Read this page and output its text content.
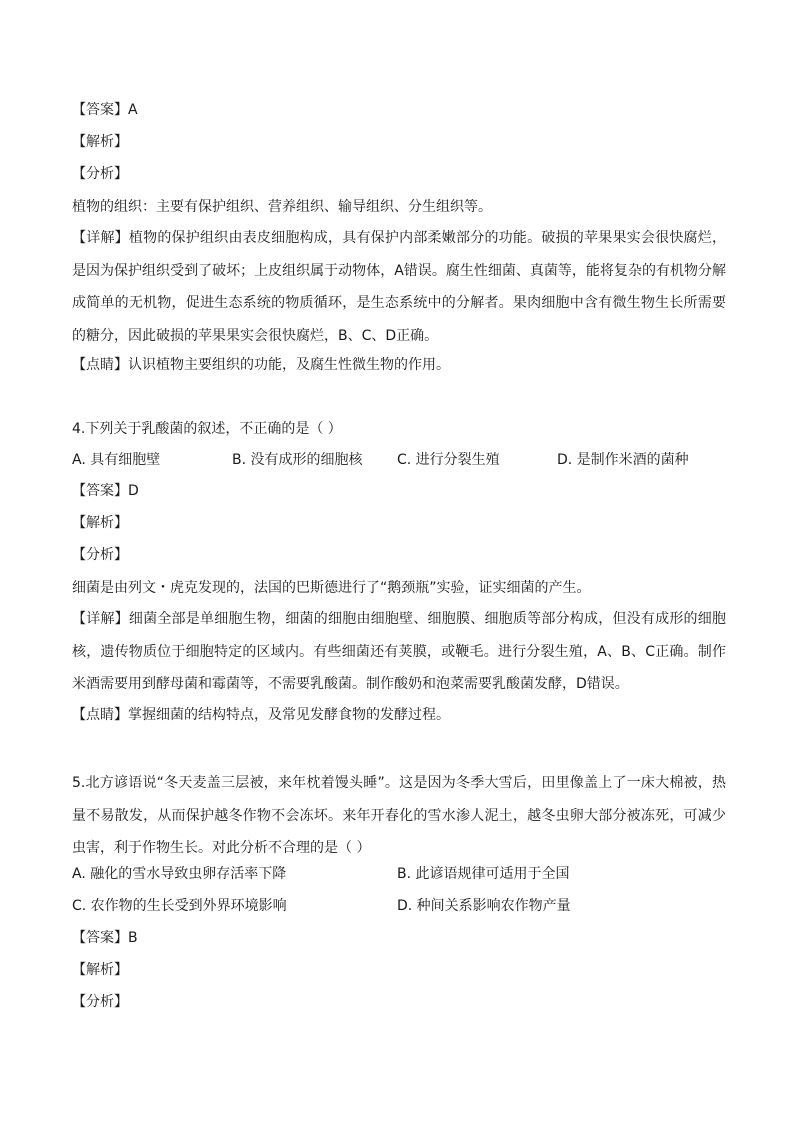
【答案】A
【解析】
【分析】
植物的组织：主要有保护组织、营养组织、输导组织、分生组织等。
【详解】植物的保护组织由表皮细胞构成，具有保护内部柔嫩部分的功能。破损的苹果果实会很快腐烂，是因为保护组织受到了破坏；上皮组织属于动物体，A错误。腐生性细菌、真菌等，能将复杂的有机物分解成简单的无机物，促进生态系统的物质循环，是生态系统中的分解者。果肉细胞中含有微生物生长所需要的糖分，因此破损的苹果果实会很快腐烂，B、C、D正确。
【点睛】认识植物主要组织的功能，及腐生性微生物的作用。
4.下列关于乳酸菌的叙述，不正确的是（ ）
A. 具有细胞壁	B. 没有成形的细胞核 C. 进行分裂生殖	D. 是制作米酒的菌种
【答案】D
【解析】
【分析】
细菌是由列文・虎克发现的，法国的巴斯德进行了“鹅颈瓶”实验，证实细菌的产生。
【详解】细菌全部是单细胞生物，细菌的细胞由细胞壁、细胞膜、细胞质等部分构成，但没有成形的细胞核，遗传物质位于细胞特定的区域内。有些细菌还有荚膜，或鞭毛。进行分裂生殖，A、B、C正确。制作米酒需要用到酵母菌和霉菌等，不需要乳酸菌。制作酸奶和泡菜需要乳酸菌发酵，D错误。
【点睛】掌握细菌的结构特点，及常见发酵食物的发酵过程。
5.北方谚语说“冬天麦盖三层被，来年枕着馒头睡”。这是因为冬季大雪后，田里像盖上了一床大棉被，热量不易散发，从而保护越冬作物不会冻坏。来年开春化的雪水渗人泥土，越冬虫卵大部分被冻死，可减少虫害，利于作物生长。对此分析不合理的是（ ）
A. 融化的雪水导致虫卵存活率下降	B. 此谚语规律可适用于全国
C. 农作物的生长受到外界环境影响	D. 种间关系影响农作物产量
【答案】B
【解析】
【分析】
